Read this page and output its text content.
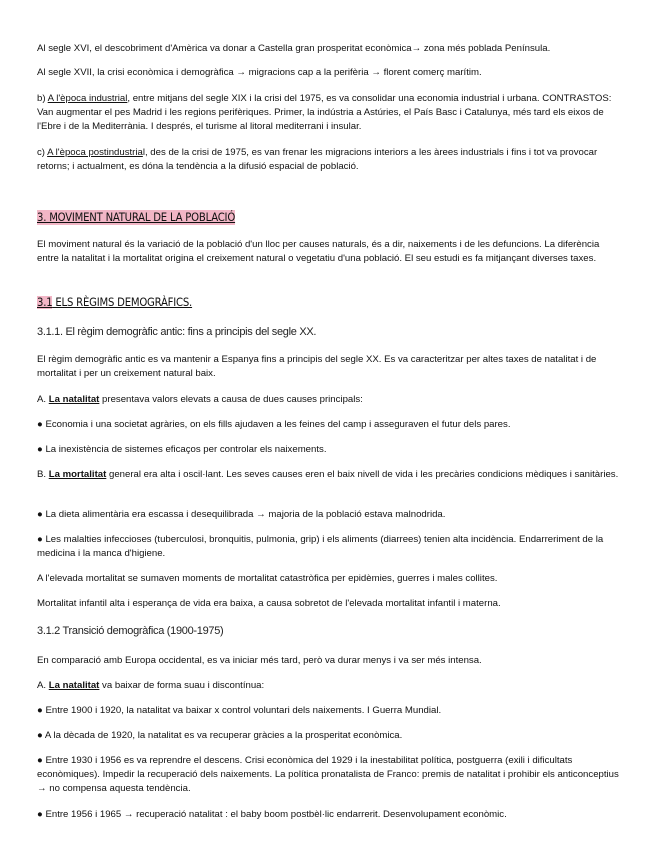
Al segle XVI, el descobriment d'Amèrica va donar a Castella gran prosperitat econòmica→ zona més poblada Península.

Al segle XVII, la crisi econòmica i demogràfica → migracions cap a la perifèria → florent comerç marítim.

b) A l'època industrial, entre mitjans del segle XIX i la crisi del 1975, es va consolidar una economia industrial i urbana. CONTRASTOS: Van augmentar el pes Madrid i les regions perifèriques. Primer, la indústria a Astúries, el País Basc i Catalunya, més tard els eixos de l'Ebre i de la Mediterrània. I després, el turisme al litoral mediterrani i insular.

c) A l'època postindustrial, des de la crisi de 1975, es van frenar les migracions interiors a les àrees industrials i fins i tot va provocar retorns; i actualment, es dóna la tendència a la difusió espacial de població.

3. MOVIMENT NATURAL DE LA POBLACIÓ

El moviment natural és la variació de la població d'un lloc per causes naturals, és a dir, naixements i de les defuncions. La diferència entre la natalitat i la mortalitat origina el creixement natural o vegetatiu d'una població. El seu estudi es fa mitjançant diverses taxes.

3.1 ELS RÈGIMS DEMOGRÀFICS.

3.1.1. El règim demogràfic antic: fins a principis del segle XX.

El règim demogràfic antic es va mantenir a Espanya fins a principis del segle XX. Es va caracteritzar per altes taxes de natalitat i de mortalitat i per un creixement natural baix.

A. La natalitat presentava valors elevats a causa de dues causes principals:

● Economia i una societat agràries, on els fills ajudaven a les feines del camp i asseguraven el futur dels pares.

● La inexistència de sistemes eficaços per controlar els naixements.

B. La mortalitat general era alta i oscil·lant. Les seves causes eren el baix nivell de vida i les precàries condicions mèdiques i sanitàries.

● La dieta alimentària era escassa i desequilibrada → majoria de la població estava malnodrida.

● Les malalties infeccioses (tuberculosi, bronquitis, pulmonia, grip) i els aliments (diarrees) tenien alta incidència. Endarreriment de la medicina i la manca d'higiene.

A l'elevada mortalitat se sumaven moments de mortalitat catastròfica per epidèmies, guerres i males collites.

Mortalitat infantil alta i esperança de vida era baixa, a causa sobretot de l'elevada mortalitat infantil i materna.

3.1.2 Transició demogràfica (1900-1975)

En comparació amb Europa occidental, es va iniciar més tard, però va durar menys i va ser més intensa.

A. La natalitat va baixar de forma suau i discontínua:

● Entre 1900 i 1920, la natalitat va baixar x control voluntari dels naixements. I Guerra Mundial.

● A la dècada de 1920, la natalitat es va recuperar gràcies a la prosperitat econòmica.

● Entre 1930 i 1956 es va reprendre el descens. Crisi econòmica del 1929 i la inestabilitat política, postguerra (exili i dificultats econòmiques). Impedir la recuperació dels naixements. La política pronatalista de Franco: premis de natalitat i prohibir els anticonceptius → no compensa aquesta tendència.

● Entre 1956 i 1965 → recuperació natalitat : el baby boom postbèl·lic endarrerit. Desenvolupament econòmic.
